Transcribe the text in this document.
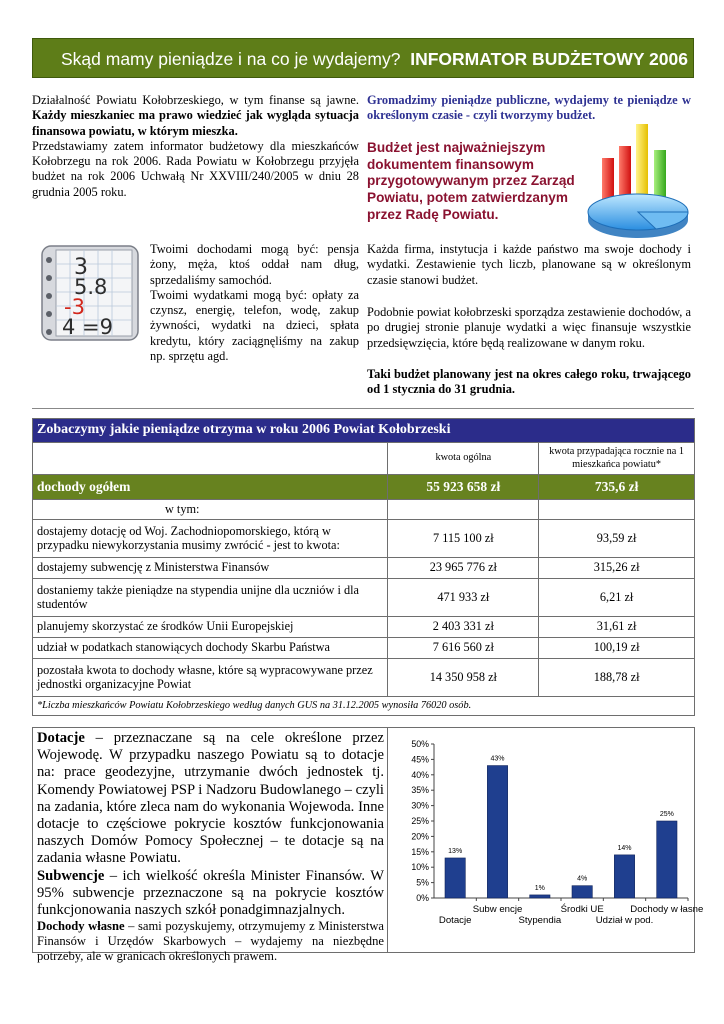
Skąd mamy pieniądze i na co je wydajemy? INFORMATOR BUDŻETOWY 2006
Działalność Powiatu Kołobrzeskiego, w tym finanse są jawne. Każdy mieszkaniec ma prawo wiedzieć jak wygląda sytuacja finansowa powiatu, w którym mieszka.
Przedstawiamy zatem informator budżetowy dla mieszkańców Kołobrzegu na rok 2006. Rada Powiatu w Kołobrzegu przyjęła budżet na rok 2006 Uchwałą Nr XXVIII/240/2005 w dniu 28 grudnia 2005 roku.
Gromadzimy pieniądze publiczne, wydajemy te pieniądze w określonym czasie - czyli tworzymy budżet.
Budżet jest najważniejszym dokumentem finansowym przygotowywanym przez Zarząd Powiatu, potem zatwierdzanym przez Radę Powiatu.
3
5.8
-3
4 =9
Twoimi dochodami mogą być: pensja żony, męża, ktoś oddał nam dług, sprzedaliśmy samochód.
Twoimi wydatkami mogą być: opłaty za czynsz, energię, telefon, wodę, zakup żywności, wydatki na dzieci, spłata kredytu, który zaciągnęliśmy na zakup np. sprzętu agd.
Każda firma, instytucja i każde państwo ma swoje dochody i wydatki. Zestawienie tych liczb, planowane są w określonym czasie stanowi budżet.
Podobnie powiat kołobrzeski sporządza zestawienie dochodów, a po drugiej stronie planuje wydatki a więc finansuje wszystkie przedsięwzięcia, które będą realizowane w danym roku.
Taki budżet planowany jest na okres całego roku, trwającego od 1 stycznia do 31 grudnia.
Zobaczymy jakie pieniądze otrzyma w roku 2006 Powiat Kołobrzeski		
	kwota ogólna	kwota przypadająca rocznie na 1 mieszkańca powiatu*
dochody ogółem	55 923 658 zł	735,6 zł
w tym:		
dostajemy dotację od Woj. Zachodniopomorskiego, którą w przypadku niewykorzystania musimy zwrócić - jest to kwota:	7 115 100 zł	93,59 zł
dostajemy subwencję z Ministerstwa Finansów	23 965 776 zł	315,26 zł
dostaniemy także pieniądze na stypendia unijne dla uczniów i dla studentów	471 933 zł	6,21 zł
planujemy skorzystać ze środków Unii Europejskiej	2 403 331 zł	31,61 zł
udział w podatkach stanowiących dochody Skarbu Państwa	7 616 560 zł	100,19 zł
pozostała kwota to dochody własne, które są wypracowywane przez jednostki organizacyjne Powiat	14 350 958 zł	188,78 zł
*Liczba mieszkańców Powiatu Kołobrzeskiego według danych GUS na 31.12.2005 wynosiła 76020 osób.		

Dotacje – przeznaczane są na cele określone przez Wojewodę. W przypadku naszego Powiatu są to dotacje na: prace geodezyjne, utrzymanie dwóch jednostek tj. Komendy Powiatowej PSP i Nadzoru Budowlanego – czyli na zadania, które zleca nam do wykonania Wojewoda. Inne dotacje to częściowe pokrycie kosztów funkcjonowania naszych Domów Pomocy Społecznej – te dotacje są na zadania własne Powiatu.

Subwencje – ich wielkość określa Minister Finansów. W 95% subwencje przeznaczone są na pokrycie kosztów funkcjonowania naszych szkół ponadgimnazjalnych.

Dochody własne – sami pozyskujemy, otrzymujemy z Ministerstwa Finansów i Urzędów Skarbowych – wydajemy na niezbędne potrzeby, ale w granicach określonych prawem.

0%
5%
10%
15%
20%
25%
30%
35%
40%
45%
50%
13%
43%
1%
4%
14%
25%
Dotacje	Stypendia	Udział w pod.
Subw encje	Środki UE	Dochody w łasne
